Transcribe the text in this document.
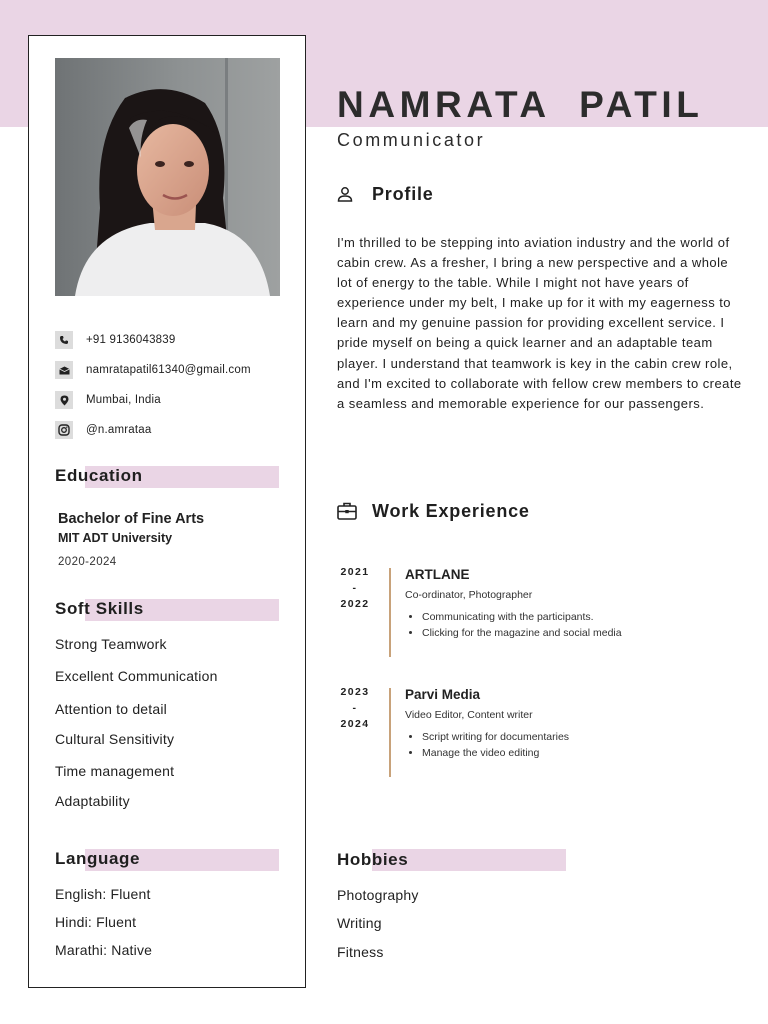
+91 9136043839
namratapatil61340@gmail.com
Mumbai, India
@n.amrataa
Education
Bachelor of Fine Arts
MIT ADT University
2020-2024
Soft Skills
Strong Teamwork
Excellent Communication
Attention to detail
Cultural Sensitivity
Time management
Adaptability
Language
English: Fluent
Hindi: Fluent
Marathi: Native
NAMRATA  PATIL
Communicator
Profile
I'm thrilled to be stepping into aviation industry and the world of cabin crew. As a fresher, I bring a new perspective and a whole lot of energy to the table. While I might not have years of experience under my belt, I make up for it with my eagerness to learn and my genuine passion for providing excellent service. I pride myself on being a quick learner and an adaptable team player. I understand that teamwork is key in the cabin crew role, and I'm excited to collaborate with fellow crew members to create a seamless and memorable experience for our passengers.
Work Experience
2021
-
2022
ARTLANE
Co-ordinator, Photographer
• Communicating with the participants.
• Clicking for the magazine and social media
2023
-
2024
Parvi Media
Video Editor, Content writer
• Script writing for documentaries
• Manage the video editing
Hobbies
Photography
Writing
Fitness
